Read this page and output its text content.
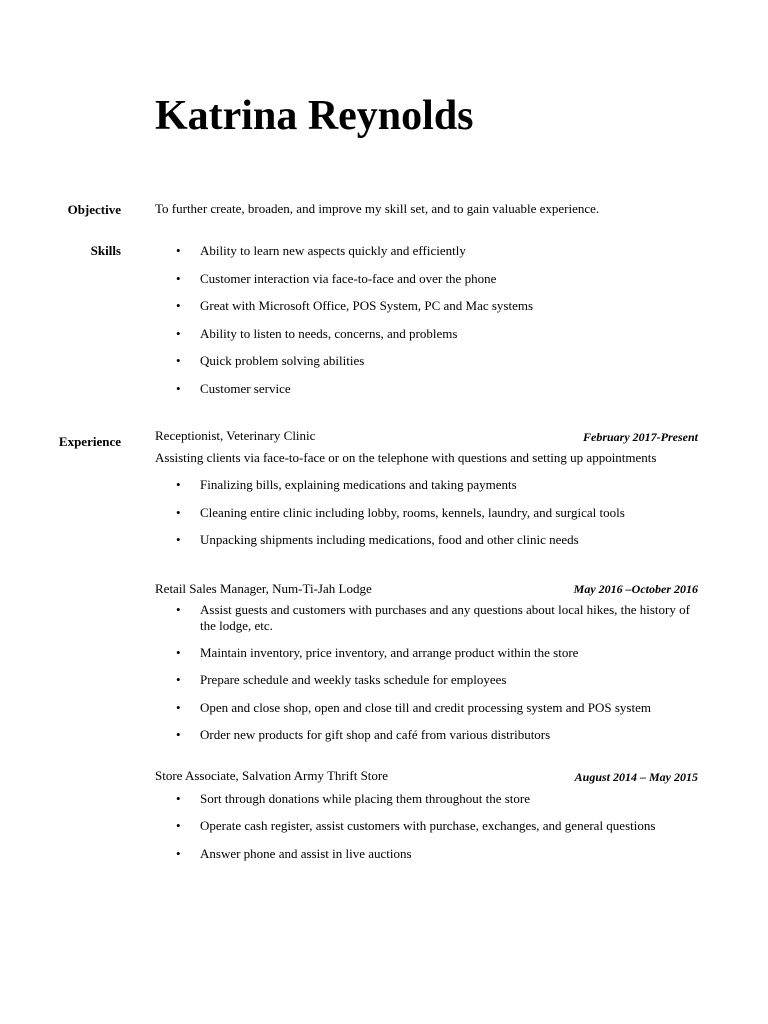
Katrina Reynolds
Objective	To further create, broaden, and improve my skill set, and to gain valuable experience.
Skills	• Ability to learn new aspects quickly and efficiently
• Customer interaction via face-to-face and over the phone
• Great with Microsoft Office, POS System, PC and Mac systems
• Ability to listen to needs, concerns, and problems
• Quick problem solving abilities
• Customer service
Experience	Receptionist, Veterinary Clinic	February 2017-Present
Assisting clients via face-to-face or on the telephone with questions and setting up appointments
• Finalizing bills, explaining medications and taking payments
• Cleaning entire clinic including lobby, rooms, kennels, laundry, and surgical tools
• Unpacking shipments including medications, food and other clinic needs
Retail Sales Manager, Num-Ti-Jah Lodge	May 2016 –October 2016
• Assist guests and customers with purchases and any questions about local hikes, the history of the lodge, etc.
• Maintain inventory, price inventory, and arrange product within the store
• Prepare schedule and weekly tasks schedule for employees
• Open and close shop, open and close till and credit processing system and POS system
• Order new products for gift shop and café from various distributors
Store Associate, Salvation Army Thrift Store	August 2014 – May 2015
• Sort through donations while placing them throughout the store
• Operate cash register, assist customers with purchase, exchanges, and general questions
• Answer phone and assist in live auctions
